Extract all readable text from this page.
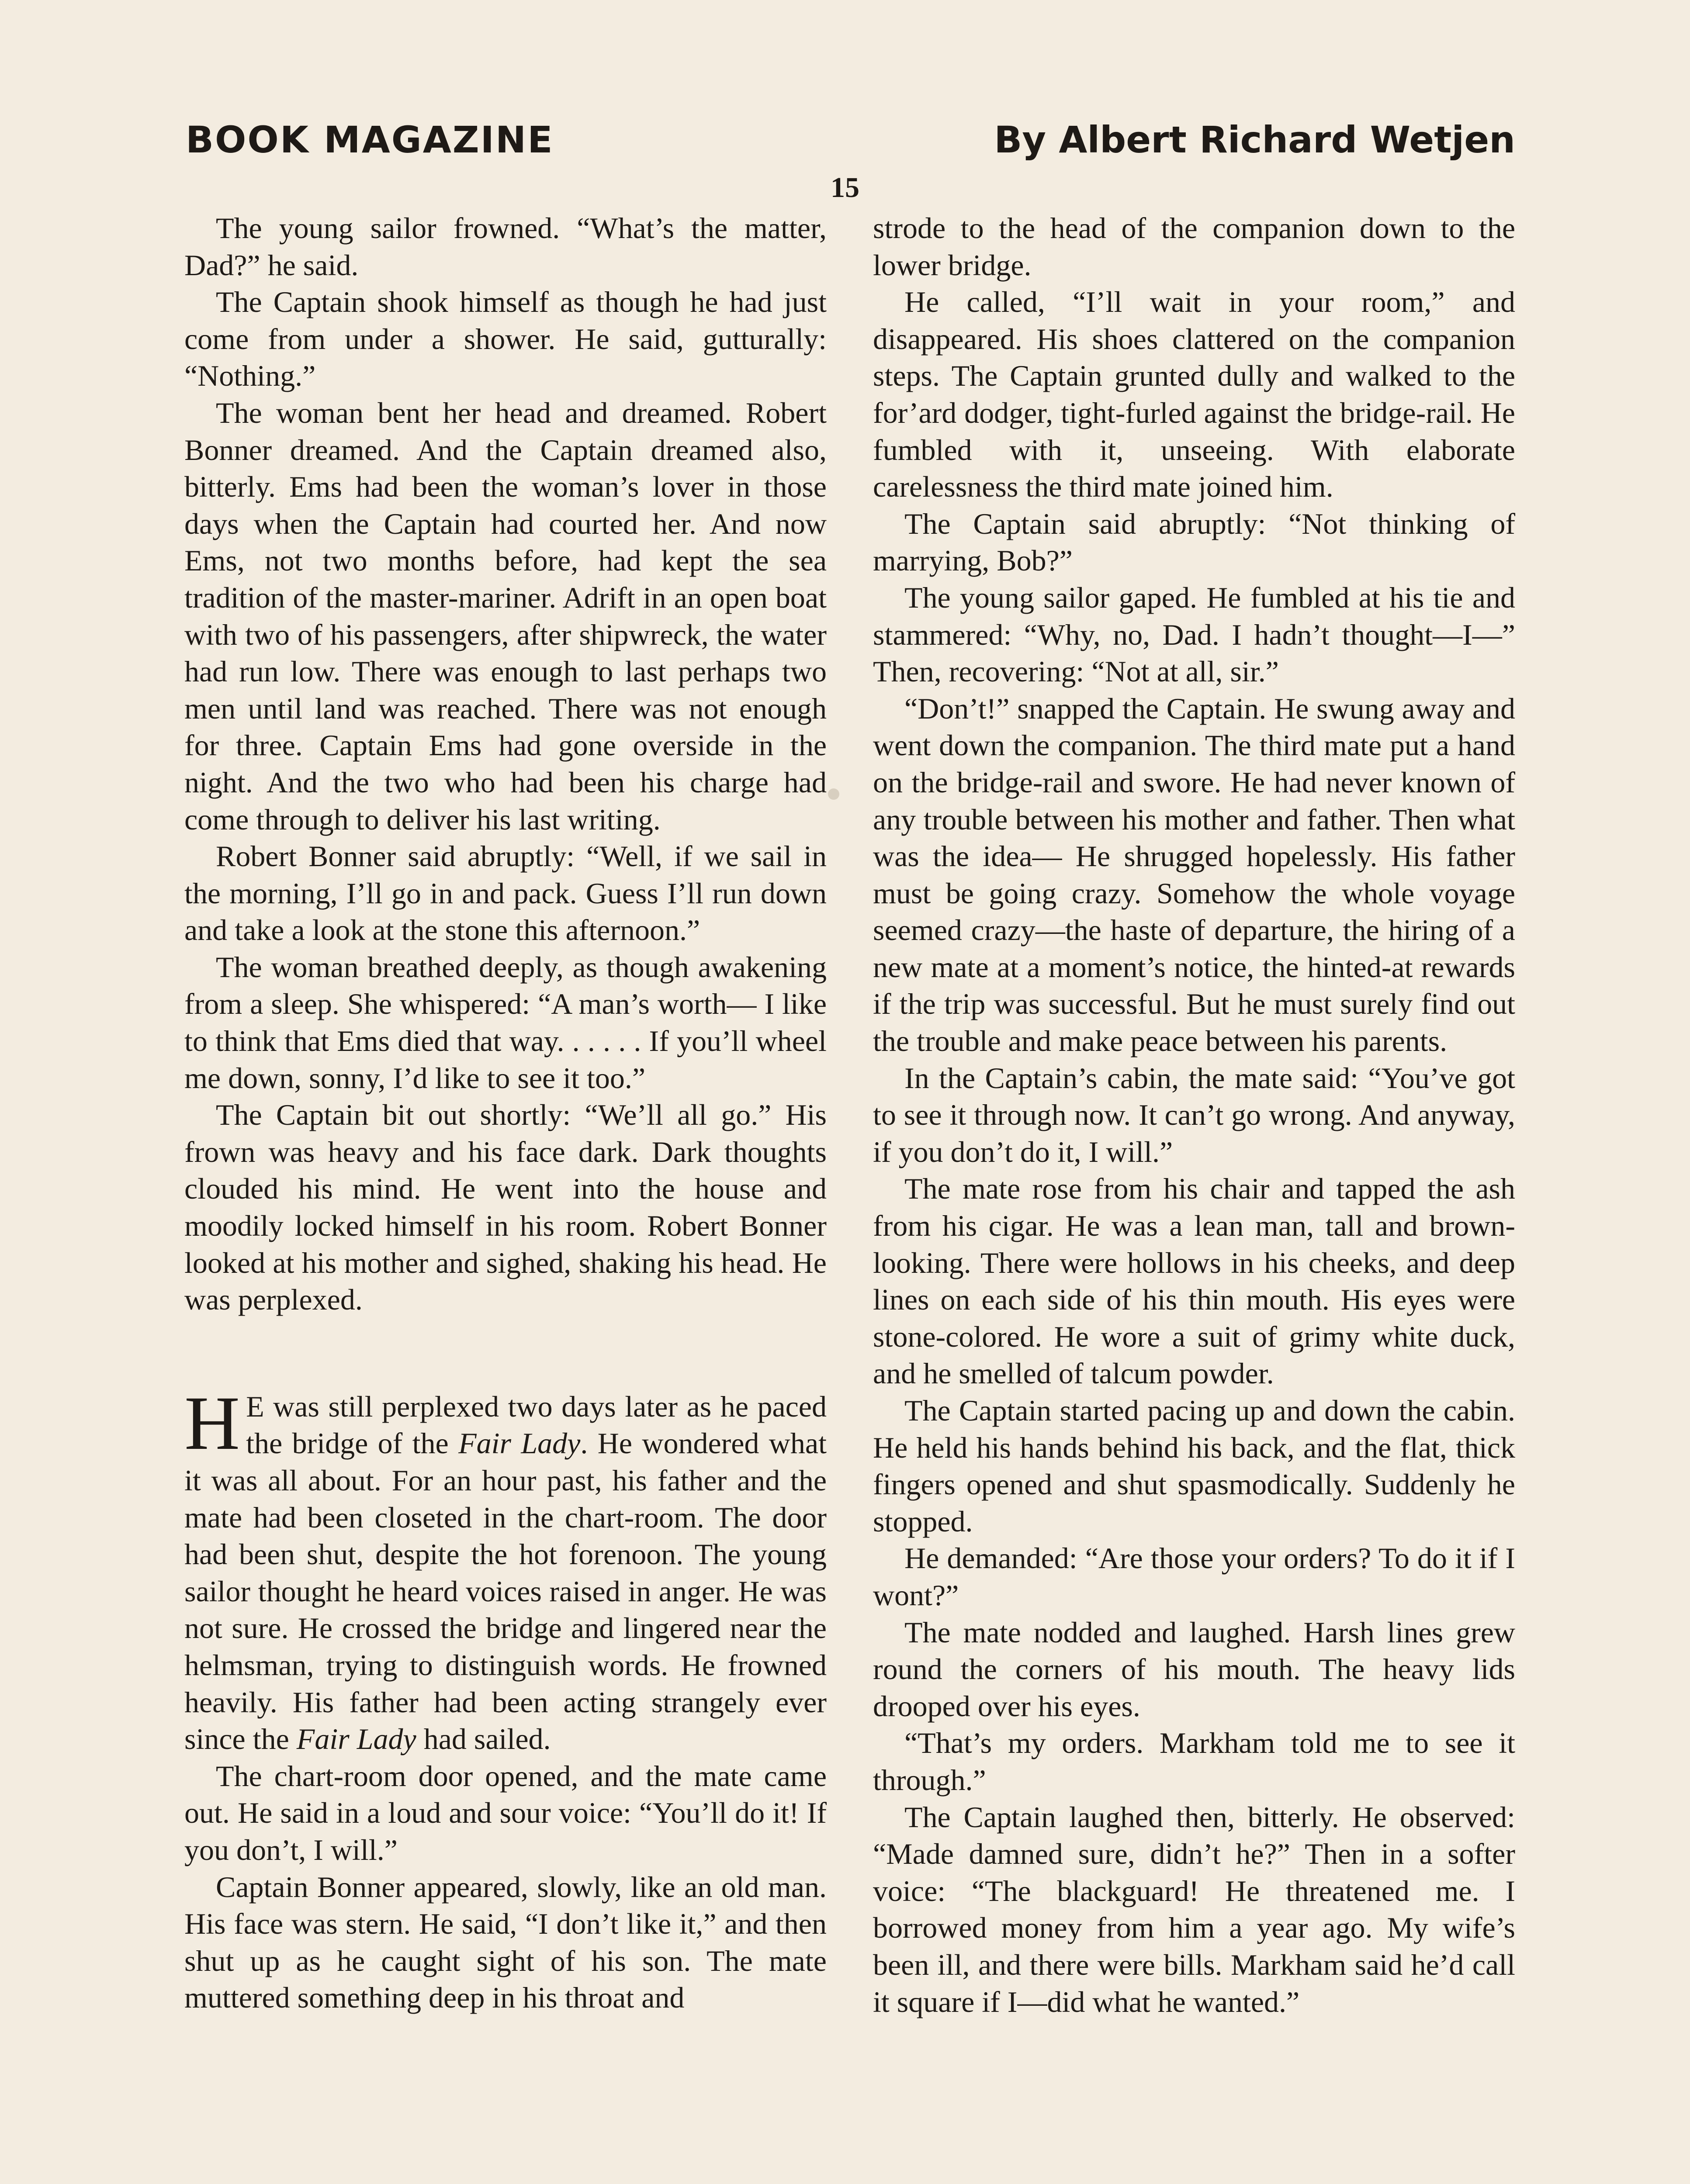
BOOK MAGAZINE	By Albert Richard Wetjen
15

The young sailor frowned. “What’s the matter, Dad?” he said.

The Captain shook himself as though he had just come from under a shower. He said, gutturally: “Nothing.”

The woman bent her head and dreamed. Robert Bonner dreamed. And the Captain dreamed also, bitterly. Ems had been the woman’s lover in those days when the Captain had courted her. And now Ems, not two months before, had kept the sea tradition of the master-mariner. Adrift in an open boat with two of his passengers, after shipwreck, the water had run low. There was enough to last perhaps two men until land was reached. There was not enough for three. Captain Ems had gone overside in the night. And the two who had been his charge had come through to deliver his last writing.

Robert Bonner said abruptly: “Well, if we sail in the morning, I’ll go in and pack. Guess I’ll run down and take a look at the stone this afternoon.”

The woman breathed deeply, as though awakening from a sleep. She whispered: “A man’s worth— I like to think that Ems died that way. . . . . . If you’ll wheel me down, sonny, I’d like to see it too.”

The Captain bit out shortly: “We’ll all go.” His frown was heavy and his face dark. Dark thoughts clouded his mind. He went into the house and moodily locked himself in his room. Robert Bonner looked at his mother and sighed, shaking his head. He was perplexed.

H E was still perplexed two days later as he paced the bridge of the Fair Lady. He wondered what it was all about. For an hour past, his father and the mate had been closeted in the chart-room. The door had been shut, despite the hot forenoon. The young sailor thought he heard voices raised in anger. He was not sure. He crossed the bridge and lingered near the helmsman, trying to distinguish words. He frowned heavily. His father had been acting strangely ever since the Fair Lady had sailed.

The chart-room door opened, and the mate came out. He said in a loud and sour voice: “You’ll do it! If you don’t, I will.”

Captain Bonner appeared, slowly, like an old man. His face was stern. He said, “I don’t like it,” and then shut up as he caught sight of his son. The mate muttered something deep in his throat and

strode to the head of the companion down to the lower bridge.

He called, “I’ll wait in your room,” and disappeared. His shoes clattered on the companion steps. The Captain grunted dully and walked to the for’ard dodger, tight-furled against the bridge-rail. He fumbled with it, unseeing. With elaborate carelessness the third mate joined him.

The Captain said abruptly: “Not thinking of marrying, Bob?”

The young sailor gaped. He fumbled at his tie and stammered: “Why, no, Dad. I hadn’t thought—I—” Then, recovering: “Not at all, sir.”

“Don’t!” snapped the Captain. He swung away and went down the companion. The third mate put a hand on the bridge-rail and swore. He had never known of any trouble between his mother and father. Then what was the idea— He shrugged hopelessly. His father must be going crazy. Somehow the whole voyage seemed crazy—the haste of departure, the hiring of a new mate at a moment’s notice, the hinted-at rewards if the trip was successful. But he must surely find out the trouble and make peace between his parents.

In the Captain’s cabin, the mate said: “You’ve got to see it through now. It can’t go wrong. And anyway, if you don’t do it, I will.”

The mate rose from his chair and tapped the ash from his cigar. He was a lean man, tall and brown-looking. There were hollows in his cheeks, and deep lines on each side of his thin mouth. His eyes were stone-colored. He wore a suit of grimy white duck, and he smelled of talcum powder.

The Captain started pacing up and down the cabin. He held his hands behind his back, and the flat, thick fingers opened and shut spasmodically. Suddenly he stopped.

He demanded: “Are those your orders? To do it if I wont?”

The mate nodded and laughed. Harsh lines grew round the corners of his mouth. The heavy lids drooped over his eyes.

“That’s my orders. Markham told me to see it through.”

The Captain laughed then, bitterly. He observed: “Made damned sure, didn’t he?” Then in a softer voice: “The blackguard! He threatened me. I borrowed money from him a year ago. My wife’s been ill, and there were bills. Markham said he’d call it square if I—did what he wanted.”
